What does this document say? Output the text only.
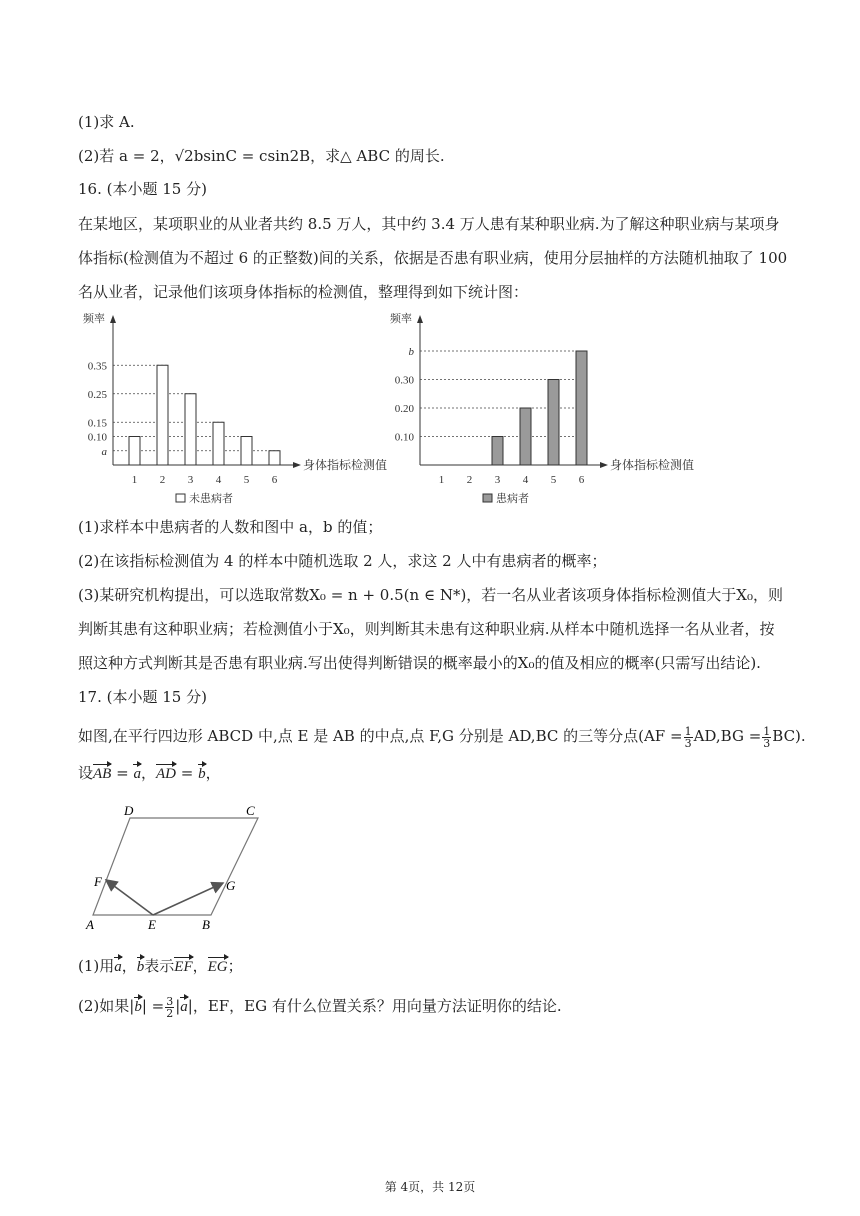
(1)求 A.
(2)若 a = 2，√2bsinC = csin2B，求△ ABC 的周长.
16. (本小题 15 分)
在某地区，某项职业的从业者共约 8.5 万人，其中约 3.4 万人患有某种职业病.为了解这种职业病与某项身
体指标(检测值为不超过 6 的正整数)间的关系，依据是否患有职业病，使用分层抽样的方法随机抽取了 100
名从业者，记录他们该项身体指标的检测值，整理得到如下统计图：
频率
身体指标检测值
a
0.10
0.15
0.25
0.35
1 2 3 4 5 6
未患病者
频率
身体指标检测值
0.10
0.20
0.30
b
1 2 3 4 5 6
患病者
(1)求样本中患病者的人数和图中 a，b 的值；
(2)在该指标检测值为 4 的样本中随机选取 2 人，求这 2 人中有患病者的概率；
(3)某研究机构提出，可以选取常数X₀ = n + 0.5(n ∈ N*)，若一名从业者该项身体指标检测值大于X₀，则
判断其患有这种职业病；若检测值小于X₀，则判断其未患有这种职业病.从样本中随机选择一名从业者，按
照这种方式判断其是否患有职业病.写出使得判断错误的概率最小的X₀的值及相应的概率(只需写出结论).
17. (本小题 15 分)
如图,在平行四边形 ABCD 中,点 E 是 AB 的中点,点 F,G 分别是 AD,BC 的三等分点$(AF = \frac{1}{3} AD,BG = \frac{1}{3} BC)$.
设AB = a，AD = b，
D	C
F	G
A	E	B
(1)用a，b表示EF，EG；
(2)如果$|b| = \frac{3}{2} |a|$，EF，EG 有什么位置关系？用向量方法证明你的结论.
第 4页，共 12页
